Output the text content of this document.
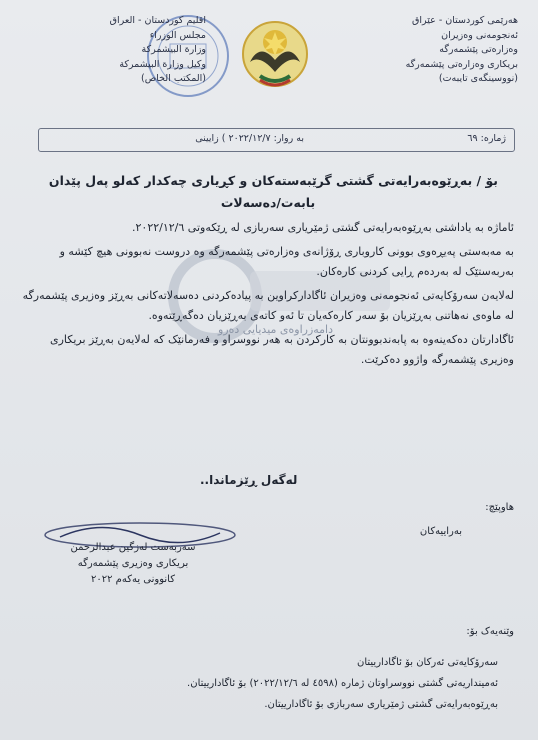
هەرێمی کوردستان - عێراق
ئەنجومەنی وەزیران
وەزارەتی پێشمەرگە
بریکاری وەزارەتی پێشمەرگە
(نووسینگەی تایبەت)
اقليم كوردستان - العراق
مجلس الوزراء
وزارة البيشمركة
وكيل وزارة البيشمركة
(المكتب الخاص)
ژمارە: ٦٩
بە روار: ٢٠٢٢/١٢/٧ ) زایینی
بۆ / بەڕێوەبەرایەتی گشتی گرێبەستەکان و کڕیاری چەکدار کەلو پەل پێدان
بابەت/دەسەلات
دامەزراوەی میدیایی دەرو

ئاماژە بە یاداشتی بەڕێوەبەرایەتی گشتی ژمێریاری سەربازی لە ڕێکەوتی ٢٠٢٢/١٢/٦.

بە مەبەستی پەیڕەوی بوونی کاروباری ڕۆژانەی وەزارەتی پێشمەرگە وە دروست نەبوونی هیچ کێشە و بەربەستێک لە بەردەم ڕایی کردنی کارەکان.

لەلایەن سەرۆکایەتی ئەنجومەنی وەزیران ئاگادارکراوین بە پیادەکردنی دەسەلاتەکانی بەڕێز وەزیری پێشمەرگە لە ماوەی نەهاتنی بەڕێزیان بۆ سەر کارەکەیان تا ئەو کاتەی بەڕێزیان دەگەڕێتەوە.

ئاگادارتان دەکەینەوە بە پابەندبوونتان بە کارکردن بە هەر نووسراو و فەرمانێک کە لەلایەن بەڕێز بریکاری وەزیری پێشمەرگە واژوو دەکرێت.

لەگەل ڕێزماندا..
هاوپێچ:
بەراییەکان
سەربەست لەزگین عبدالرحمن
بریکاری وەزیری پێشمەرگە
کانوونی یەکەم ٢٠٢٢
وێنەیەک بۆ:
سەرۆکایەتی ئەرکان بۆ ئاگادارییتان
ئەمینداریەتی گشتی نووسراوتان ژمارە (٤٥٩٨ لە ٢٠٢٢/١٢/٦) بۆ ئاگادارییتان.
بەڕێوەبەرایەتی گشتی ژمێریاری سەربازی بۆ ئاگادارییتان.
